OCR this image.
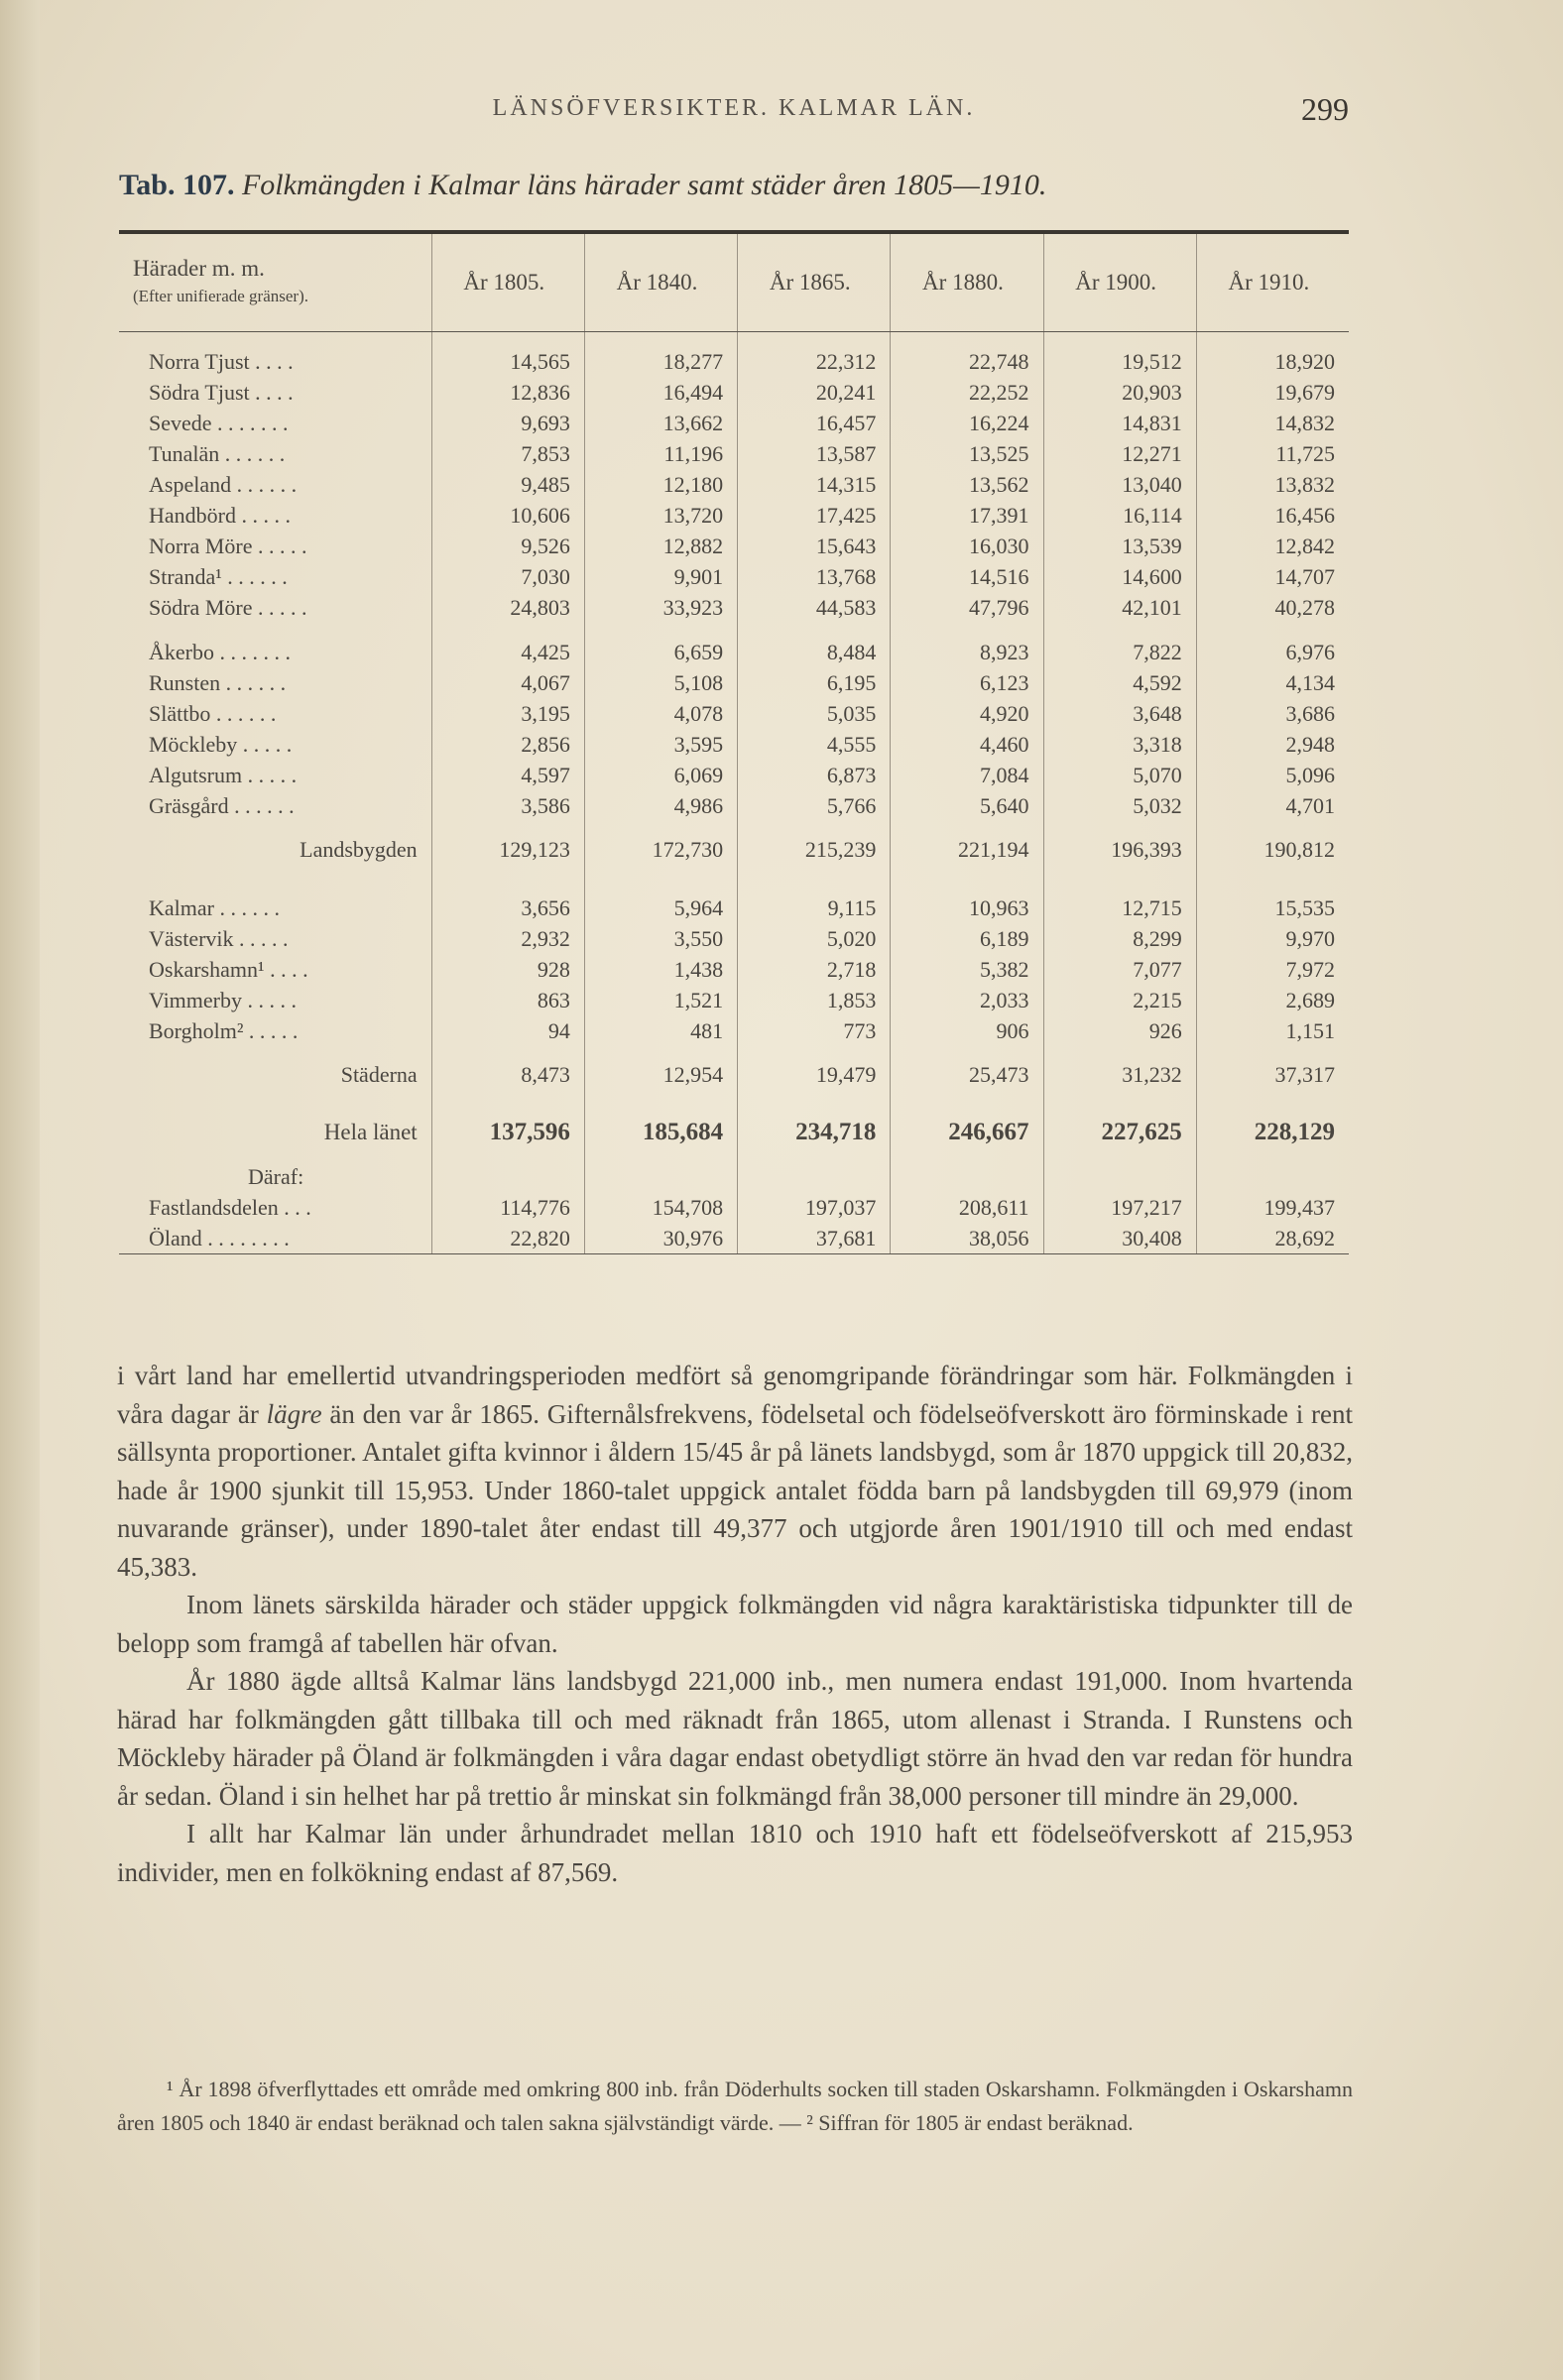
LÄNSÖFVERSIKTER. KALMAR LÄN.	299
Tab. 107. Folkmängden i Kalmar läns härader samt städer åren 1805—1910.
Härader m. m.
(Efter unifierade gränser).	År 1805.	År 1840.	År 1865.	År 1880.	År 1900.	År 1910.

Norra Tjust . . . .	14,565	18,277	22,312	22,748	19,512	18,920
Södra Tjust . . . .	12,836	16,494	20,241	22,252	20,903	19,679
Sevede . . . . . . .	9,693	13,662	16,457	16,224	14,831	14,832
Tunalän . . . . . .	7,853	11,196	13,587	13,525	12,271	11,725
Aspeland . . . . . .	9,485	12,180	14,315	13,562	13,040	13,832
Handbörd . . . . .	10,606	13,720	17,425	17,391	16,114	16,456
Norra Möre . . . . .	9,526	12,882	15,643	16,030	13,539	12,842
Stranda¹ . . . . . .	7,030	9,901	13,768	14,516	14,600	14,707
Södra Möre . . . . .	24,803	33,923	44,583	47,796	42,101	40,278

Åkerbo . . . . . . .	4,425	6,659	8,484	8,923	7,822	6,976
Runsten . . . . . .	4,067	5,108	6,195	6,123	4,592	4,134
Slättbo . . . . . .	3,195	4,078	5,035	4,920	3,648	3,686
Möckleby . . . . .	2,856	3,595	4,555	4,460	3,318	2,948
Algutsrum . . . . .	4,597	6,069	6,873	7,084	5,070	5,096
Gräsgård . . . . . .	3,586	4,986	5,766	5,640	5,032	4,701
Landsbygden	129,123	172,730	215,239	221,194	196,393	190,812

Kalmar . . . . . .	3,656	5,964	9,115	10,963	12,715	15,535
Västervik . . . . .	2,932	3,550	5,020	6,189	8,299	9,970
Oskarshamn¹ . . . .	928	1,438	2,718	5,382	7,077	7,972
Vimmerby . . . . .	863	1,521	1,853	2,033	2,215	2,689
Borgholm² . . . . .	94	481	773	906	926	1,151
Städerna	8,473	12,954	19,479	25,473	31,232	37,317
Hela länet	137,596	185,684	234,718	246,667	227,625	228,129
Däraf:						
Fastlandsdelen . . .	114,776	154,708	197,037	208,611	197,217	199,437
Öland . . . . . . . .	22,820	30,976	37,681	38,056	30,408	28,692

i vårt land har emellertid utvandringsperioden medfört så genomgripande förändringar som här. Folkmängden i våra dagar är lägre än den var år 1865. Gifternålsfrekvens, födelsetal och födelseöfverskott äro förminskade i rent sällsynta proportioner. Antalet gifta kvinnor i åldern 15/45 år på länets landsbygd, som år 1870 uppgick till 20,832, hade år 1900 sjunkit till 15,953. Under 1860-talet uppgick antalet födda barn på landsbygden till 69,979 (inom nuvarande gränser), under 1890-talet åter endast till 49,377 och utgjorde åren 1901/1910 till och med endast 45,383.

Inom länets särskilda härader och städer uppgick folkmängden vid några karaktäristiska tidpunkter till de belopp som framgå af tabellen här ofvan.

År 1880 ägde alltså Kalmar läns landsbygd 221,000 inb., men numera endast 191,000. Inom hvartenda härad har folkmängden gått tillbaka till och med räknadt från 1865, utom allenast i Stranda. I Runstens och Möckleby härader på Öland är folkmängden i våra dagar endast obetydligt större än hvad den var redan för hundra år sedan. Öland i sin helhet har på trettio år minskat sin folkmängd från 38,000 personer till mindre än 29,000.

I allt har Kalmar län under århundradet mellan 1810 och 1910 haft ett födelseöfverskott af 215,953 individer, men en folkökning endast af 87,569.

¹ År 1898 öfverflyttades ett område med omkring 800 inb. från Döderhults socken till staden Oskarshamn. Folkmängden i Oskarshamn åren 1805 och 1840 är endast beräknad och talen sakna självständigt värde. — ² Siffran för 1805 är endast beräknad.
